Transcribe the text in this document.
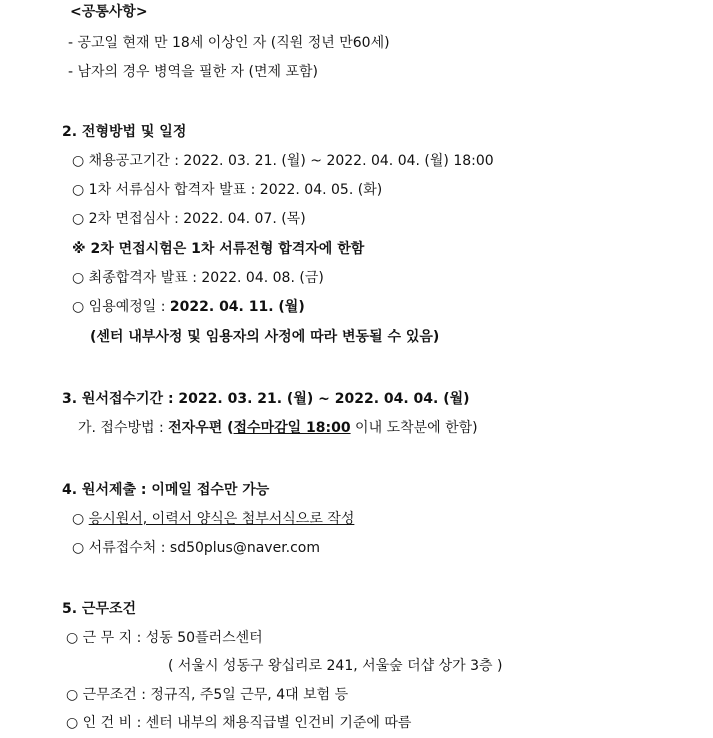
<공통사항>
- 공고일 현재 만 18세 이상인 자 (직원 정년 만60세)
- 남자의 경우 병역을 필한 자 (면제 포함)
2. 전형방법 및 일정
○ 채용공고기간 : 2022. 03. 21. (월) ~ 2022. 04. 04. (월) 18:00
○ 1차 서류심사 합격자 발표 : 2022. 04. 05. (화)
○ 2차 면접심사 : 2022. 04. 07. (목)
※ 2차 면접시험은 1차 서류전형 합격자에 한함
○ 최종합격자 발표 : 2022. 04. 08. (금)
○ 임용예정일 : 2022. 04. 11. (월)
(센터 내부사정 및 임용자의 사정에 따라 변동될 수 있음)
3. 원서접수기간 : 2022. 03. 21. (월) ~ 2022. 04. 04. (월)
가. 접수방법 : 전자우편 (접수마감일 18:00 이내 도착분에 한함)
4. 원서제출 : 이메일 접수만 가능
○ 응시원서, 이력서 양식은 첨부서식으로 작성
○ 서류접수처 : sd50plus@naver.com
5. 근무조건
○ 근 무 지 : 성동 50플러스센터
( 서울시 성동구 왕십리로 241, 서울숲 더샵 상가 3층 )
○ 근무조건 : 정규직, 주5일 근무, 4대 보험 등
○ 인 건 비 : 센터 내부의 채용직급별 인건비 기준에 따름
